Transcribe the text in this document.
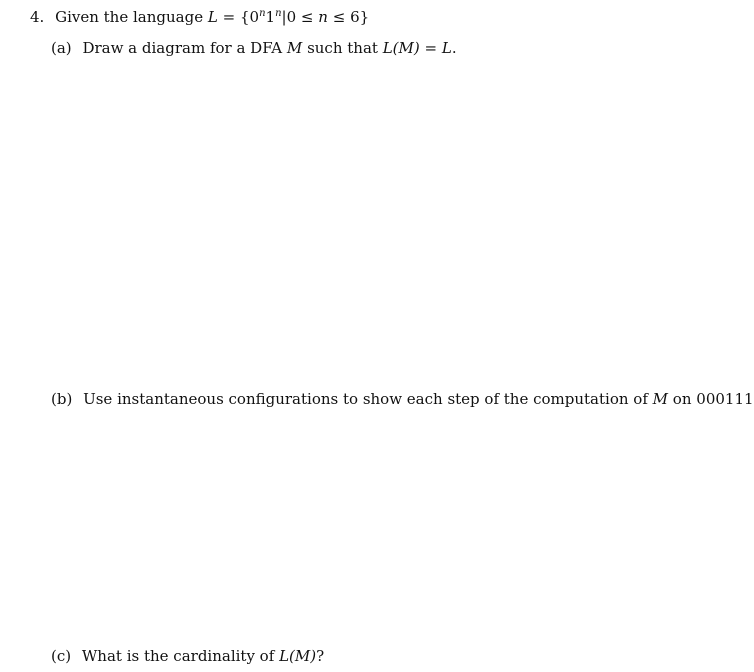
4. Given the language $L = \{0^n1^n|0 \le n \le 6\}$
(a) Draw a diagram for a DFA M such that L(M) = L.
(b) Use instantaneous configurations to show each step of the computation of M on 000111
(c) What is the cardinality of L(M)?
